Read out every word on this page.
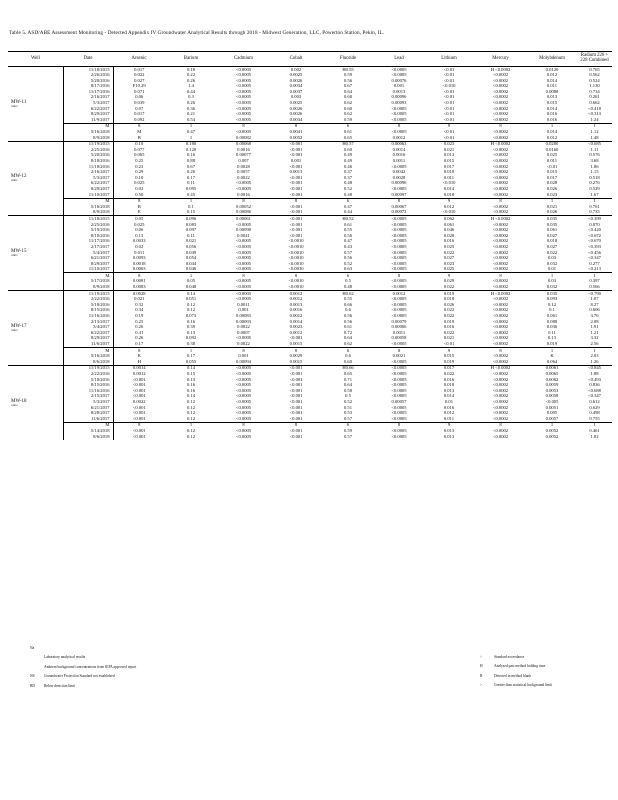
Table 5. ASD/ABE Assessment Monitoring - Detected Appendix IV Groundwater Analytical Results through 2018 - Midwest Generation, LLC, Powerton Station, Pekin, IL.
Well	Date	Arsenic	Barium	Cadmium	Cobalt	Fluoride	Lead	Lithium	Mercury	Molybdenum	Radium 226 + 228 Combined

MW-11
units	11/18/2015	0.017	0.18	<0.0005	0.002	H0.55	<0.0005	<0.01	H <0.0002	0.0120	0.765
	2/26/2016	0.022	0.22	<0.0005	0.0025	0.59	<0.0005	<0.01	<0.0002	0.012	0.562
	5/20/2016	0.027	0.26	<0.0005	0.0026	0.56	0.00076	<0.01	<0.0002	0.014	0.524
	8/17/2016	F10.29	1.4	<0.0005	0.0034	0.67	0.001	<0.010	<0.0002	0.011	1.130
	11/17/2016	0.071	0.44	<0.0005	0.0037	0.64	0.0013	<0.01	<0.0002	0.0088	0.734
	2/16/2017	0.06	0.3	<0.0005	0.003	0.60	0.00096	<0.01	<0.0002	0.013	0.261
	5/3/2017	0.039	0.26	<0.0005	0.0025	0.62	0.00093	<0.01	<0.0002	0.015	0.662
	6/22/2017	0.07	0.36	<0.0005	0.0026	0.60	<0.0005	<0.01	<0.0002	0.014	<0.418
	8/29/2017	0.017	0.21	<0.0005	0.0026	0.62	<0.0005	<0.01	<0.0002	0.016	<0.313
	11/9/2017	0.092	0.54	<0.0005	0.0034	0.59	<0.0005	<0.01	<0.0002	0.016	1.24
	M	8	1	8	8	6	8	9	8	1	1
	5/16/2018	M	0.47	<0.0005	0.0041	0.61	<0.0005	<0.01	<0.0002	0.014	1.12
	8/9/2018	B	1	0.00082	0.0052	0.65	0.0012	<0.01	<0.0002	0.012	1.48

MW-12
units	11/19/2015	0.10	0.180	0.00068	<0.001	H0.57	0.00063	0.023	H <0.0002	0.0280	<0.685
	2/25/2016	0.077	0.120	0.0016	<0.001	0.60	0.0014	0.021	<0.0002	0.0160	1.11
	5/20/2016	0.065	0.16	0.00077	<0.001	0.49	0.0016	0.013	<0.0002	0.025	0.576
	8/18/2016	0.25	0.88	0.007	0.001	0.49	0.0011	0.015	<0.0002	0.011	3.68
	11/18/2016	0.23	0.67	0.0028	<0.001	0.46	<0.0005	0.017	<0.0002	<0.01	1.86
	2/16/2017	0.29	0.26	0.0057	0.0013	0.37	0.0042	0.010	<0.0002	0.015	1.15
	5/3/2017	0.10	0.17	0.0022	<0.001	0.37	0.0028	0.011	<0.0002	0.017	0.518
	6/22/2017	0.025	0.11	<0.0005	<0.001	0.48	0.00096	<0.010	<0.0002	0.028	0.276
	8/29/2017	0.02	0.095	<0.0005	<0.001	0.52	<0.0005	0.014	<0.0002	0.026	0.529
	11/10/2017	0.50	0.45	0.0016	<0.001	0.48	0.00097	0.018	<0.0002	0.023	1.67
	M	8	1	8	8	6	8	9	8	1	1
	5/16/2018	B	0.1	0.00052	<0.001	0.47	0.00067	0.012	<0.0002	0.021	0.761
	8/9/2018	E	0.15	0.00086	<0.001	0.44	0.00072	<0.010	<0.0002	0.026	0.735

MW-15
units	11/18/2015	0.05	0.096	0.00061	<0.001	H0.52	<0.0005	0.062	H <0.0002	0.035	<0.399
	2/25/2016	0.025	0.083	<0.0005	<0.001	0.61	<0.0005	0.061	<0.0002	0.035	0.870
	5/19/2016	0.06	0.097	0.00098	<0.001	0.55	<0.0005	0.046	<0.0002	0.061	<0.420
	8/18/2016	0.13	0.11	0.0041	<0.001	0.56	<0.0005	0.028	<0.0002	0.027	<0.672
	11/17/2016	0.0033	0.021	<0.0005	<0.0010	0.47	<0.0005	0.016	<0.0002	0.018	<0.670
	2/17/2017	0.02	0.056	<0.0005	<0.0010	0.43	<0.0005	0.025	<0.0002	0.027	<0.393
	5/4/2017	0.011	0.049	<0.0005	<0.0010	0.57	<0.0005	0.022	<0.0002	0.022	<0.456
	6/21/2017	0.0093	0.054	<0.0005	<0.0010	0.56	<0.0005	0.027	<0.0002	0.03	<0.347
	8/29/2017	0.0018	0.044	<0.0005	<0.0010	0.52	<0.0005	0.023	<0.0002	0.032	0.277
	11/10/2017	0.0063	0.046	<0.0005	<0.0010	0.63	<0.0005	0.025	<0.0002	0.01	<0.213
	M	8	1	8	8	6	8	9	8	1	1
	5/17/2018	0.0081	0.05	<0.0005	<0.0010	0.5	<0.0005	0.029	<0.0002	0.03	0.397
	8/9/2018	0.0083	0.048	<0.0005	<0.0010	0.48	<0.0005	0.022	<0.0002	0.032	0.566

MW-17
units	11/19/2015	0.0028	0.14	<0.0005	0.0012	H0.62	0.0012	0.019	H <0.0002	0.035	<0.790
	2/22/2016	0.021	0.051	<0.0005	0.0012	0.55	<0.0005	0.018	<0.0002	0.093	1.07
	5/18/2016	0.32	0.12	0.0011	0.0013	0.66	<0.0005	0.026	<0.0002	0.12	8.27
	8/15/2016	0.34	0.12	0.001	0.0016	0.6	<0.0005	0.022	<0.0002	0.1	0.606
	11/16/2016	0.19	0.073	0.00083	0.0012	0.56	<0.0005	0.022	<0.0002	0.061	3.76
	2/13/2017	0.25	0.16	0.00093	0.0014	0.56	0.00079	0.019	<0.0002	0.088	2.08
	5/4/2017	0.26	0.39	0.0022	0.0023	0.61	0.00066	0.016	<0.0002	0.036	1.91
	6/22/2017	0.41	0.13	0.0007	0.0012	0.72	0.0011	0.022	<0.0002	0.11	1.21
	8/29/2017	0.26	0.092	<0.0005	<0.001	0.64	0.00058	0.021	<0.0002	0.13	3.32
	11/6/2017	0.17	0.38	0.0022	0.0015	0.62	<0.0005	<0.01	<0.0002	0.019	2.56
	M	8	1	8	8	6	8	9	8	1	1
	5/16/2018	K	0.17	0.001	0.0029	0.6	0.0021	0.015	<0.0002	K	2.03
	8/6/2018	H	0.055	0.00094	0.0015	0.60	<0.0005	0.019	<0.0002	0.064	1.26

MW-18
units	11/19/2015	0.0014	0.14	<0.0005	<0.001	H0.66	<0.0005	0.017	H <0.0002	0.0061	<0.845
	2/22/2016	0.0012	0.15	<0.0005	<0.001	0.65	<0.0005	0.022	<0.0002	0.0065	1.88
	5/18/2016	<0.001	0.13	<0.0005	<0.001	0.71	<0.0005	0.016	<0.0002	0.0062	<0.493
	8/15/2016	<0.001	0.16	<0.0005	<0.001	0.64	<0.0005	0.018	<0.0002	0.0059	0.836
	11/16/2016	<0.001	0.16	<0.0005	<0.001	0.58	<0.0005	0.013	<0.0002	0.0053	<0.688
	2/15/2017	<0.001	0.14	<0.0005	<0.001	0.5	<0.0005	0.014	<0.0002	0.0058	<0.347
	5/3/2017	0.0022	0.12	<0.0005	<0.001	0.52	0.00057	0.01	<0.0002	<0.005	0.612
	6/21/2017	<0.001	0.12	<0.0005	<0.001	0.51	<0.0005	0.016	<0.0002	0.0051	0.629
	8/28/2017	<0.001	0.12	<0.0005	<0.001	0.53	<0.0005	0.012	<0.0002	0.005	0.498
	11/6/2017	<0.001	0.12	<0.0005	<0.001	0.57	<0.0005	0.011	<0.0002	0.0057	0.755
	M	8	1	8	8	6	8	9	8	1	1
	5/14/2018	<0.001	0.12	<0.0005	<0.001	0.59	<0.0005	0.013	<0.0002	0.0052	0.461
	8/6/2018	<0.001	0.12	<0.0005	<0.001	0.57	<0.0005	0.013	<0.0002	0.0052	1.02
Na
Laboratory analytical results
Ambient background concentrations from IEPA approved report
NS	Groundwater Protection Standard not established
BD	Below detection limit
>	Standard exceedance
H	Analyzed past method holding time
B	Detected in method blank
>	Greater than statistical background limit
